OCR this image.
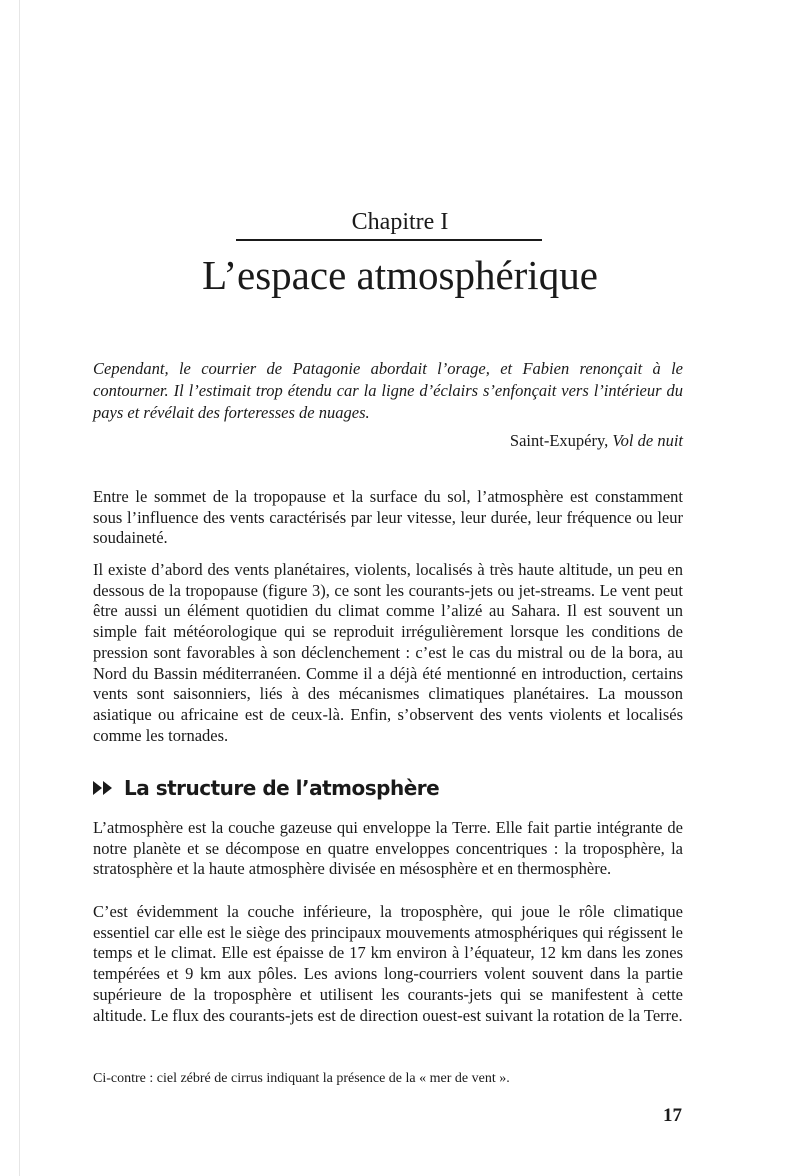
Chapitre I
L’espace atmosphérique

Cependant, le courrier de Patagonie abordait l’orage, et Fabien renonçait à le contourner. Il l’estimait trop étendu car la ligne d’éclairs s’enfonçait vers l’intérieur du pays et révélait des forteresses de nuages.

Saint-Exupéry, Vol de nuit

Entre le sommet de la tropopause et la surface du sol, l’atmosphère est constamment sous l’influence des vents caractérisés par leur vitesse, leur durée, leur fréquence ou leur soudaineté.

Il existe d’abord des vents planétaires, violents, localisés à très haute altitude, un peu en dessous de la tropopause (figure 3), ce sont les courants-jets ou jet-streams. Le vent peut être aussi un élément quotidien du climat comme l’alizé au Sahara. Il est souvent un simple fait météorologique qui se reproduit irrégulièrement lorsque les conditions de pression sont favorables à son déclenchement : c’est le cas du mistral ou de la bora, au Nord du Bassin méditerranéen. Comme il a déjà été mentionné en introduction, certains vents sont saisonniers, liés à des mécanismes climatiques planétaires. La mousson asiatique ou africaine est de ceux-là. Enfin, s’observent des vents violents et localisés comme les tornades.

La structure de l’atmosphère

L’atmosphère est la couche gazeuse qui enveloppe la Terre. Elle fait partie intégrante de notre planète et se décompose en quatre enveloppes concentriques : la troposphère, la stratosphère et la haute atmosphère divisée en mésosphère et en thermosphère.

C’est évidemment la couche inférieure, la troposphère, qui joue le rôle climatique essentiel car elle est le siège des principaux mouvements atmosphériques qui régissent le temps et le climat. Elle est épaisse de 17 km environ à l’équateur, 12 km dans les zones tempérées et 9 km aux pôles. Les avions long-courriers volent souvent dans la partie supérieure de la troposphère et utilisent les courants-jets qui se manifestent à cette altitude. Le flux des courants-jets est de direction ouest-est suivant la rotation de la Terre.

Ci-contre : ciel zébré de cirrus indiquant la présence de la « mer de vent ».
17
